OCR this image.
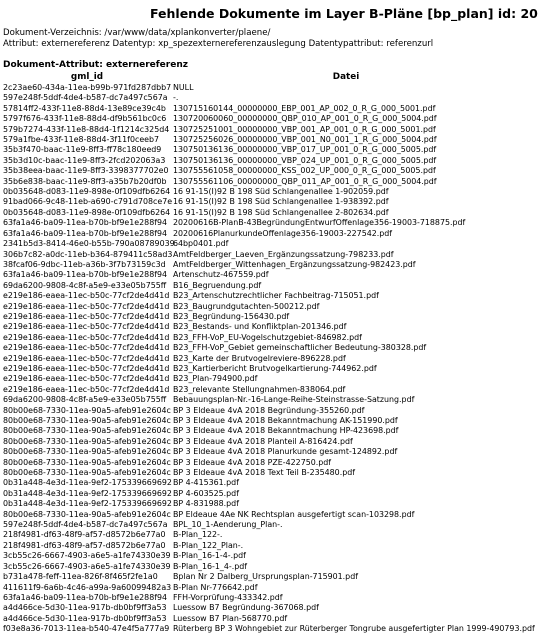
Fehlende Dokumente im Layer B-Pläne [bp_plan] id: 20
Dokument-Verzeichnis: /var/www/data/xplankonverter/plaene/
Attribut: externereferenz Datentyp: xp_spezexternereferenzauslegung Datentypattribut: referenzurl
Dokument-Attribut: externereferenz
gml_id	Datei
2c23ae60-434a-11ea-b99b-971fd287dbb7	NULL
597e248f-5ddf-4de4-b587-dc7a497c567a	-.
57814ff2-433f-11e8-88d4-13e89ce39c4b	130715160144_00000000_EBP_001_AP_002_0_R_G_000_5001.pdf
5797f676-433f-11e8-88d4-df9b561bc0c6	130720060060_00000000_QBP_010_AP_001_0_R_G_000_5004.pdf
579b7274-433f-11e8-88d4-1f1214c325d4	130725251001_00000000_VBP_001_AP_001_0_R_G_000_5001.pdf
579a1fbe-433f-11e8-88d4-3f11f0ceeb7	130725256026_00000000_VBP_001_N0_001_1_R_G_000_5004.pdf
35b3f470-baac-11e9-8ff3-ff78c180eed9	130750136136_00000000_VBP_017_UP_001_0_R_G_000_5005.pdf
35b3d10c-baac-11e9-8ff3-2fcd202063a3	130750136136_00000000_VBP_024_UP_001_0_R_G_000_5005.pdf
35b38eea-baac-11e9-8ff3-3398377702e0	130755561058_00000000_KSS_002_UP_000_0_R_G_000_5005.pdf
35b6e838-baac-11e9-8ff3-a35b7b20df0b	130755561106_00000000_QBP_011_AP_001_0_R_G_000_5004.pdf
0b035648-d083-11e9-898e-0f109dfb6264	16 91-15(I)92 B 198 Süd Schlangenallee 1-902059.pdf
91bad066-9c48-11eb-a690-c791d708ce7e	16 91-15(I)92 B 198 Süd Schlangenallee 1-938392.pdf
0b035648-d083-11e9-898e-0f109dfb6264	16 91-15(I)92 B 198 Süd Schlangenallee 2-802634.pdf
63fa1a46-ba09-11ea-b70b-bf9e1e288f94	20200616B-PlanB-43BegründungEntwurfOffenlage356-19003-718875.pdf
63fa1a46-ba09-11ea-b70b-bf9e1e288f94	20200616PlanurkundeOffenlage356-19003-227542.pdf
2341b5d3-8414-46e0-b55b-790a08789039	64bp0401.pdf
306b7c82-a0dc-11eb-b364-879411c58ad3	AmtFeldberger_Laeven_Ergänzungssatzung-798233.pdf
38fcaf06-9dbc-11eb-a36b-3f7b73159c3d	AmtFeldberger_Wittenhagen_Ergänzungssatzung-982423.pdf
63fa1a46-ba09-11ea-b70b-bf9e1e288f94	Artenschutz-467559.pdf
69da6200-9808-4c8f-a5e9-e33e05b755ff	B16_Begruendung.pdf
e219e186-eaea-11ec-b50c-77cf2de4d41d	B23_Artenschutzrechtlicher Fachbeitrag-715051.pdf
e219e186-eaea-11ec-b50c-77cf2de4d41d	B23_Baugrundgutachten-500212.pdf
e219e186-eaea-11ec-b50c-77cf2de4d41d	B23_Begründung-156430.pdf
e219e186-eaea-11ec-b50c-77cf2de4d41d	B23_Bestands- und Konfliktplan-201346.pdf
e219e186-eaea-11ec-b50c-77cf2de4d41d	B23_FFH-VoP_EU-Vogelschutzgebiet-846982.pdf
e219e186-eaea-11ec-b50c-77cf2de4d41d	B23_FFH-VoP_Gebiet gemeinschaftlicher Bedeutung-380328.pdf
e219e186-eaea-11ec-b50c-77cf2de4d41d	B23_Karte der Brutvogelreviere-896228.pdf
e219e186-eaea-11ec-b50c-77cf2de4d41d	B23_Kartierbericht Brutvogelkartierung-744962.pdf
e219e186-eaea-11ec-b50c-77cf2de4d41d	B23_Plan-794900.pdf
e219e186-eaea-11ec-b50c-77cf2de4d41d	B23_relevante Stellungnahmen-838064.pdf
69da6200-9808-4c8f-a5e9-e33e05b755ff	Bebauungsplan-Nr.-16-Lange-Reihe-Steinstrasse-Satzung.pdf
80b00e68-7330-11ea-90a5-afeb91e2604c	BP 3 Eldeaue 4vA 2018 Begründung-355260.pdf
80b00e68-7330-11ea-90a5-afeb91e2604c	BP 3 Eldeaue 4vA 2018 Bekanntmachung AK-151990.pdf
80b00e68-7330-11ea-90a5-afeb91e2604c	BP 3 Eldeaue 4vA 2018 Bekanntmachung HP-423698.pdf
80b00e68-7330-11ea-90a5-afeb91e2604c	BP 3 Eldeaue 4vA 2018 Planteil A-816424.pdf
80b00e68-7330-11ea-90a5-afeb91e2604c	BP 3 Eldeaue 4vA 2018 Planurkunde gesamt-124892.pdf
80b00e68-7330-11ea-90a5-afeb91e2604c	BP 3 Eldeaue 4vA 2018 PZE-422750.pdf
80b00e68-7330-11ea-90a5-afeb91e2604c	BP 3 Eldeaue 4vA 2018 Text Teil B-235480.pdf
0b31a448-4e3d-11ea-9ef2-175339669692	BP 4-415361.pdf
0b31a448-4e3d-11ea-9ef2-175339669692	BP 4-603525.pdf
0b31a448-4e3d-11ea-9ef2-175339669692	BP 4-831988.pdf
80b00e68-7330-11ea-90a5-afeb91e2604c	BP Eldeaue 4Ae NK Rechtsplan ausgefertigt scan-103298.pdf
597e248f-5ddf-4de4-b587-dc7a497c567a	BPL_10_1-Aenderung_Plan-.
218f4981-df63-48f9-af57-d8572b6e77a0	B-Plan_122-.
218f4981-df63-48f9-af57-d8572b6e77a0	B-Plan_122_Plan-.
3cb55c26-6667-4903-a6e5-a1fe74330e39	B-Plan_16-1-4-.pdf
3cb55c26-6667-4903-a6e5-a1fe74330e39	B-Plan_16-1_4-.pdf
b731a478-feff-11ea-826f-8f465f2fe1a0	Bplan Nr 2 Dalberg_Ursprungsplan-715901.pdf
411611f9-6a6b-4c46-a99a-9a60099482a3	B-Plan Nr-776642.pdf
63fa1a46-ba09-11ea-b70b-bf9e1e288f94	FFH-Vorprüfung-433342.pdf
a4d466ce-5d30-11ea-917b-db0bf9ff3a53	Luessow B7 Begründung-367068.pdf
a4d466ce-5d30-11ea-917b-db0bf9ff3a53	Luessow B7 Plan-568770.pdf
f03e8a36-7013-11ea-b540-47e4f5a777a9	Rüterberg BP 3 Wohngebiet zur Rüterberger Tongrube ausgefertigter Plan 1999-490793.pdf
